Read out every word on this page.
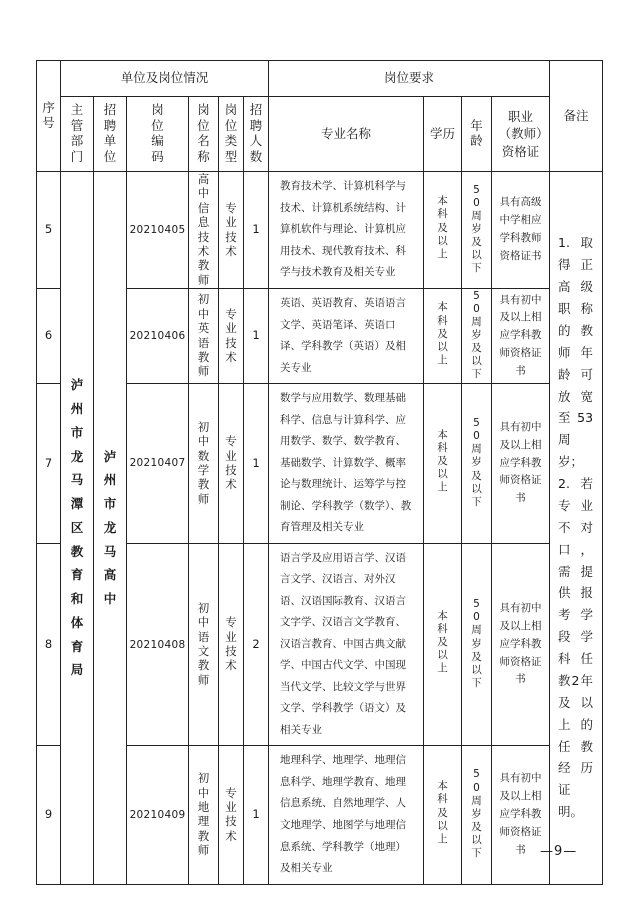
序号	单位及岗位情况						岗位要求				备注
	主管部门	招聘单位	岗位编码	岗位名称	岗位类型	招聘人数	专业名称	学历	年龄	职业（教师）资格证	
5	泸州市龙马潭区教育和体育局	泸州市龙马高中	20210405	高中信息技术教师	专业技术	1	教育技术学、计算机科学与技术、计算机系统结构、计算机软件与理论、计算机应用技术、现代教育技术、科学与技术教育及相关专业	本科及以上	50周岁及以下	具有高级中学相应学科教师资格证书	1. 取得正高级职称的教师年龄可放宽至53周岁；
2. 若专业不对口，需提供报考学段学科任教2年及以上的任教经历证明。

6			20210406	初中英语教师	专业技术	1	英语、英语教育、英语语言文学、英语笔译、英语口译、学科教学（英语）及相关专业	本科及以上	50周岁及以下	具有初中及以上相应学科教师资格证书	
7			20210407	初中数学教师	专业技术	1	数学与应用数学、数理基础科学、信息与计算科学、应用数学、数学、数学教育、基础数学、计算数学、概率论与数理统计、运筹学与控制论、学科教学（数学）、教育管理及相关专业	本科及以上	50周岁及以下	具有初中及以上相应学科教师资格证书	
8			20210408	初中语文教师	专业技术	2	语言学及应用语言学、汉语言文学、汉语言、对外汉语、汉语国际教育、汉语言文字学、汉语言文学教育、汉语言教育、中国古典文献学、中国古代文学、中国现当代文学、比较文学与世界文学、学科教学（语文）及相关专业	本科及以上	50周岁及以下	具有初中及以上相应学科教师资格证书	
9			20210409	初中地理教师	专业技术	1	地理科学、地理学、地理信息科学、地理学教育、地理信息系统、自然地理学、人文地理学、地图学与地理信息系统、学科教学（地理）及相关专业	本科及以上	50周岁及以下	具有初中及以上相应学科教师资格证书	—9—
